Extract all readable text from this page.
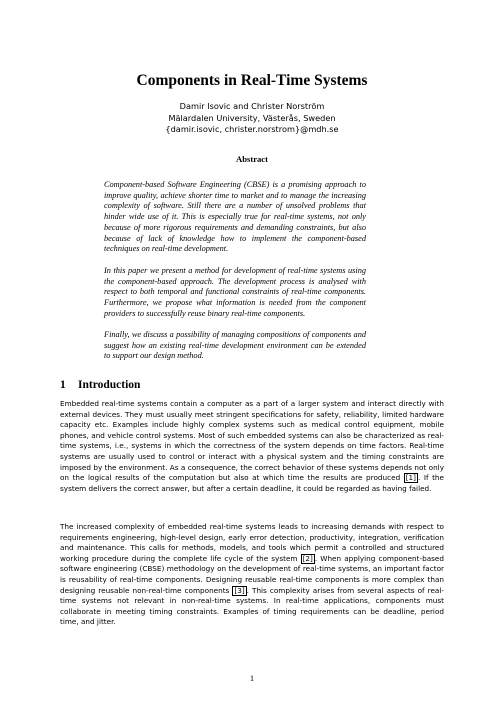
Components in Real-Time Systems
Damir Isovic and Christer Norström
Mälardalen University, Västerås, Sweden
{damir.isovic, christer.norstrom}@mdh.se
Abstract
Component-based Software Engineering (CBSE) is a promising approach to improve quality, achieve shorter time to market and to manage the increasing complexity of software. Still there are a number of unsolved problems that hinder wide use of it. This is especially true for real-time systems, not only because of more rigorous requirements and demanding constraints, but also because of lack of knowledge how to implement the component-based techniques on real-time development.
In this paper we present a method for development of real-time systems using the component-based approach. The development process is analysed with respect to both temporal and functional constraints of real-time components. Furthermore, we propose what information is needed from the component providers to successfully reuse binary real-time components.
Finally, we discuss a possibility of managing compositions of components and suggest how an existing real-time development environment can be extended to support our design method.
1 Introduction
Embedded real-time systems contain a computer as a part of a larger system and interact directly with external devices. They must usually meet stringent specifications for safety, reliability, limited hardware capacity etc. Examples include highly complex systems such as medical control equipment, mobile phones, and vehicle control systems. Most of such embedded systems can also be characterized as real-time systems, i.e., systems in which the correctness of the system depends on time factors. Real-time systems are usually used to control or interact with a physical system and the timing constraints are imposed by the environment. As a consequence, the correct behavior of these systems depends not only on the logical results of the computation but also at which time the results are produced [1] . If the system delivers the correct answer, but after a certain deadline, it could be regarded as having failed.
The increased complexity of embedded real-time systems leads to increasing demands with respect to requirements engineering, high-level design, early error detection, productivity, integration, verification and maintenance. This calls for methods, models, and tools which permit a controlled and structured working procedure during the complete life cycle of the system [2] . When applying component-based software engineering (CBSE) methodology on the development of real-time systems, an important factor is reusability of real-time components. Designing reusable real-time components is more complex than designing reusable non-real-time components [3] . This complexity arises from several aspects of real-time systems not relevant in non-real-time systems. In real-time applications, components must collaborate in meeting timing constraints. Examples of timing requirements can be deadline, period time, and jitter.
1
